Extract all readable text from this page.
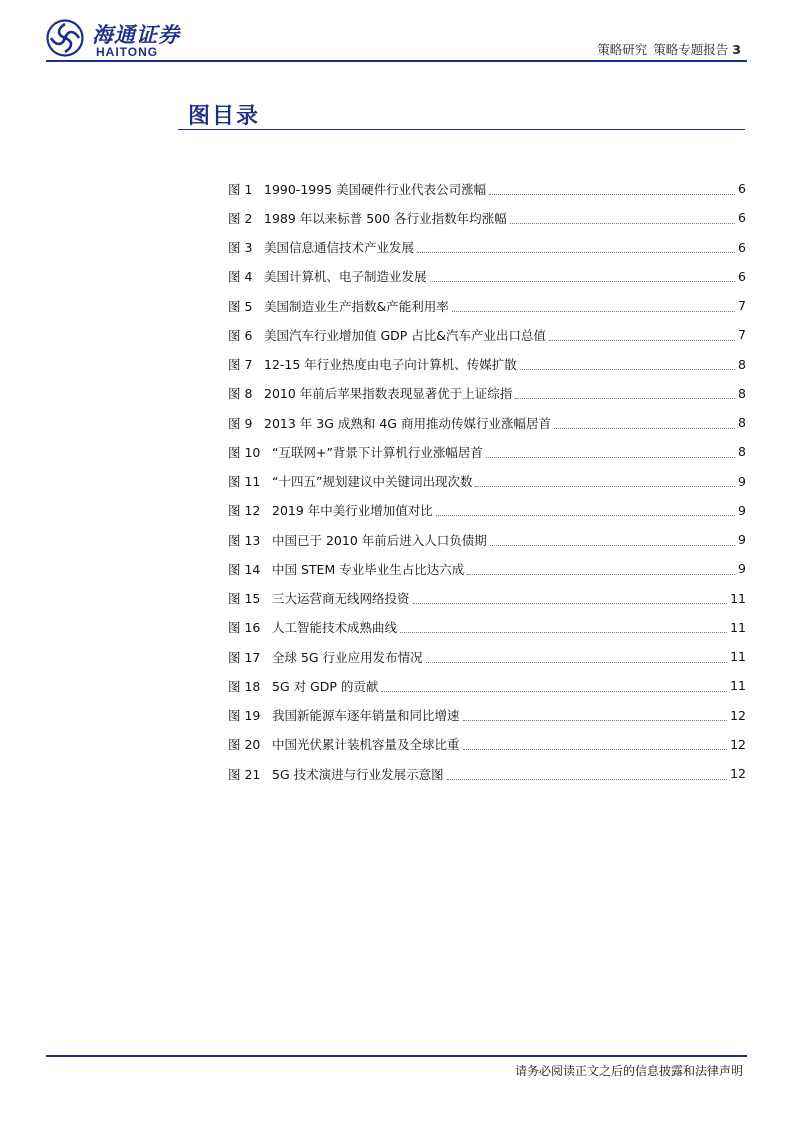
海通证券
HAITONG	策略研究 策略专题报告 3
图目录
图 1 1990-1995 美国硬件行业代表公司涨幅	6
图 2 1989 年以来标普 500 各行业指数年均涨幅	6
图 3 美国信息通信技术产业发展	6
图 4 美国计算机、电子制造业发展	6
图 5 美国制造业生产指数&产能利用率	7
图 6 美国汽车行业增加值 GDP 占比&汽车产业出口总值	7
图 7 12-15 年行业热度由电子向计算机、传媒扩散	8
图 8 2010 年前后苹果指数表现显著优于上证综指	8
图 9 2013 年 3G 成熟和 4G 商用推动传媒行业涨幅居首	8
图 10 “互联网+”背景下计算机行业涨幅居首	8
图 11 “十四五”规划建议中关键词出现次数	9
图 12 2019 年中美行业增加值对比	9
图 13 中国已于 2010 年前后进入人口负债期	9
图 14 中国 STEM 专业毕业生占比达六成	9
图 15 三大运营商无线网络投资	11
图 16 人工智能技术成熟曲线	11
图 17 全球 5G 行业应用发布情况	11
图 18 5G 对 GDP 的贡献	11
图 19 我国新能源车逐年销量和同比增速	12
图 20 中国光伏累计装机容量及全球比重	12
图 21 5G 技术演进与行业发展示意图	12
请务必阅读正文之后的信息披露和法律声明
